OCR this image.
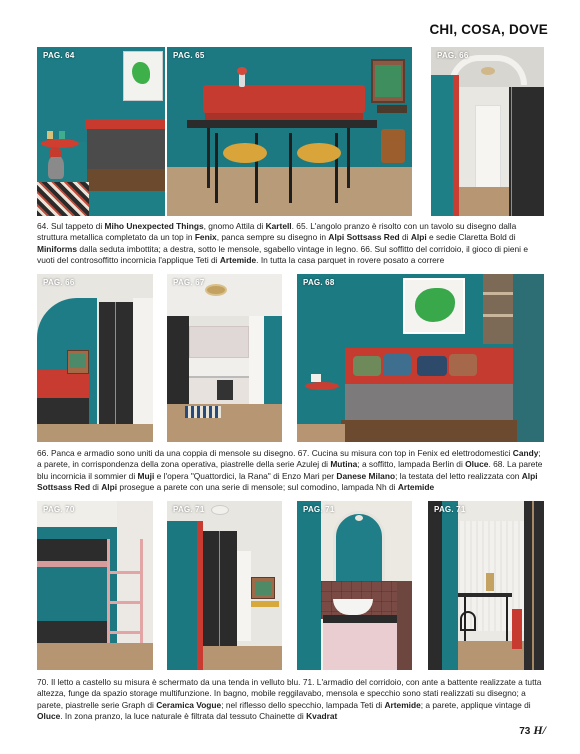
CHI, COSA, DOVE
PAG. 64	PAG. 65	PAG. 66
64. Sul tappeto di Miho Unexpected Things, gnomo Attila di Kartell. 65. L'angolo pranzo è risolto con un tavolo su disegno dalla struttura metallica completato da un top in Fenix, panca sempre su disegno in Alpi Sottsass Red di Alpi e sedie Claretta Bold di Miniforms dalla seduta imbottita; a destra, sotto le mensole, sgabello vintage in legno. 66. Sul soffitto del corridoio, il gioco di pieni e vuoti del controsoffitto incornicia l'applique Teti di Artemide. In tutta la casa parquet in rovere posato a correre
PAG. 66	PAG. 67	PAG. 68
66. Panca e armadio sono uniti da una coppia di mensole su disegno. 67. Cucina su misura con top in Fenix ed elettrodomestici Candy; a parete, in corrispondenza della zona operativa, piastrelle della serie Azulej di Mutina; a soffitto, lampada Berlin di Oluce. 68. La parete blu incornicia il sommier di Muji e l'opera "Quattordici, la Rana" di Enzo Mari per Danese Milano; la testata del letto realizzata con Alpi Sottsass Red di Alpi prosegue a parete con una serie di mensole; sul comodino, lampada Nh di Artemide
PAG. 70	PAG. 71	PAG. 71	PAG. 71
70. Il letto a castello su misura è schermato da una tenda in velluto blu. 71. L'armadio del corridoio, con ante a battente realizzate a tutta altezza, funge da spazio storage multifunzione. In bagno, mobile reggilavabo, mensola e specchio sono stati realizzati su disegno; a parete, piastrelle serie Graph di Ceramica Vogue; nel riflesso dello specchio, lampada Teti di Artemide; a parete, applique vintage di Oluce. In zona pranzo, la luce naturale è filtrata dal tessuto Chainette di Kvadrat
73 H/
